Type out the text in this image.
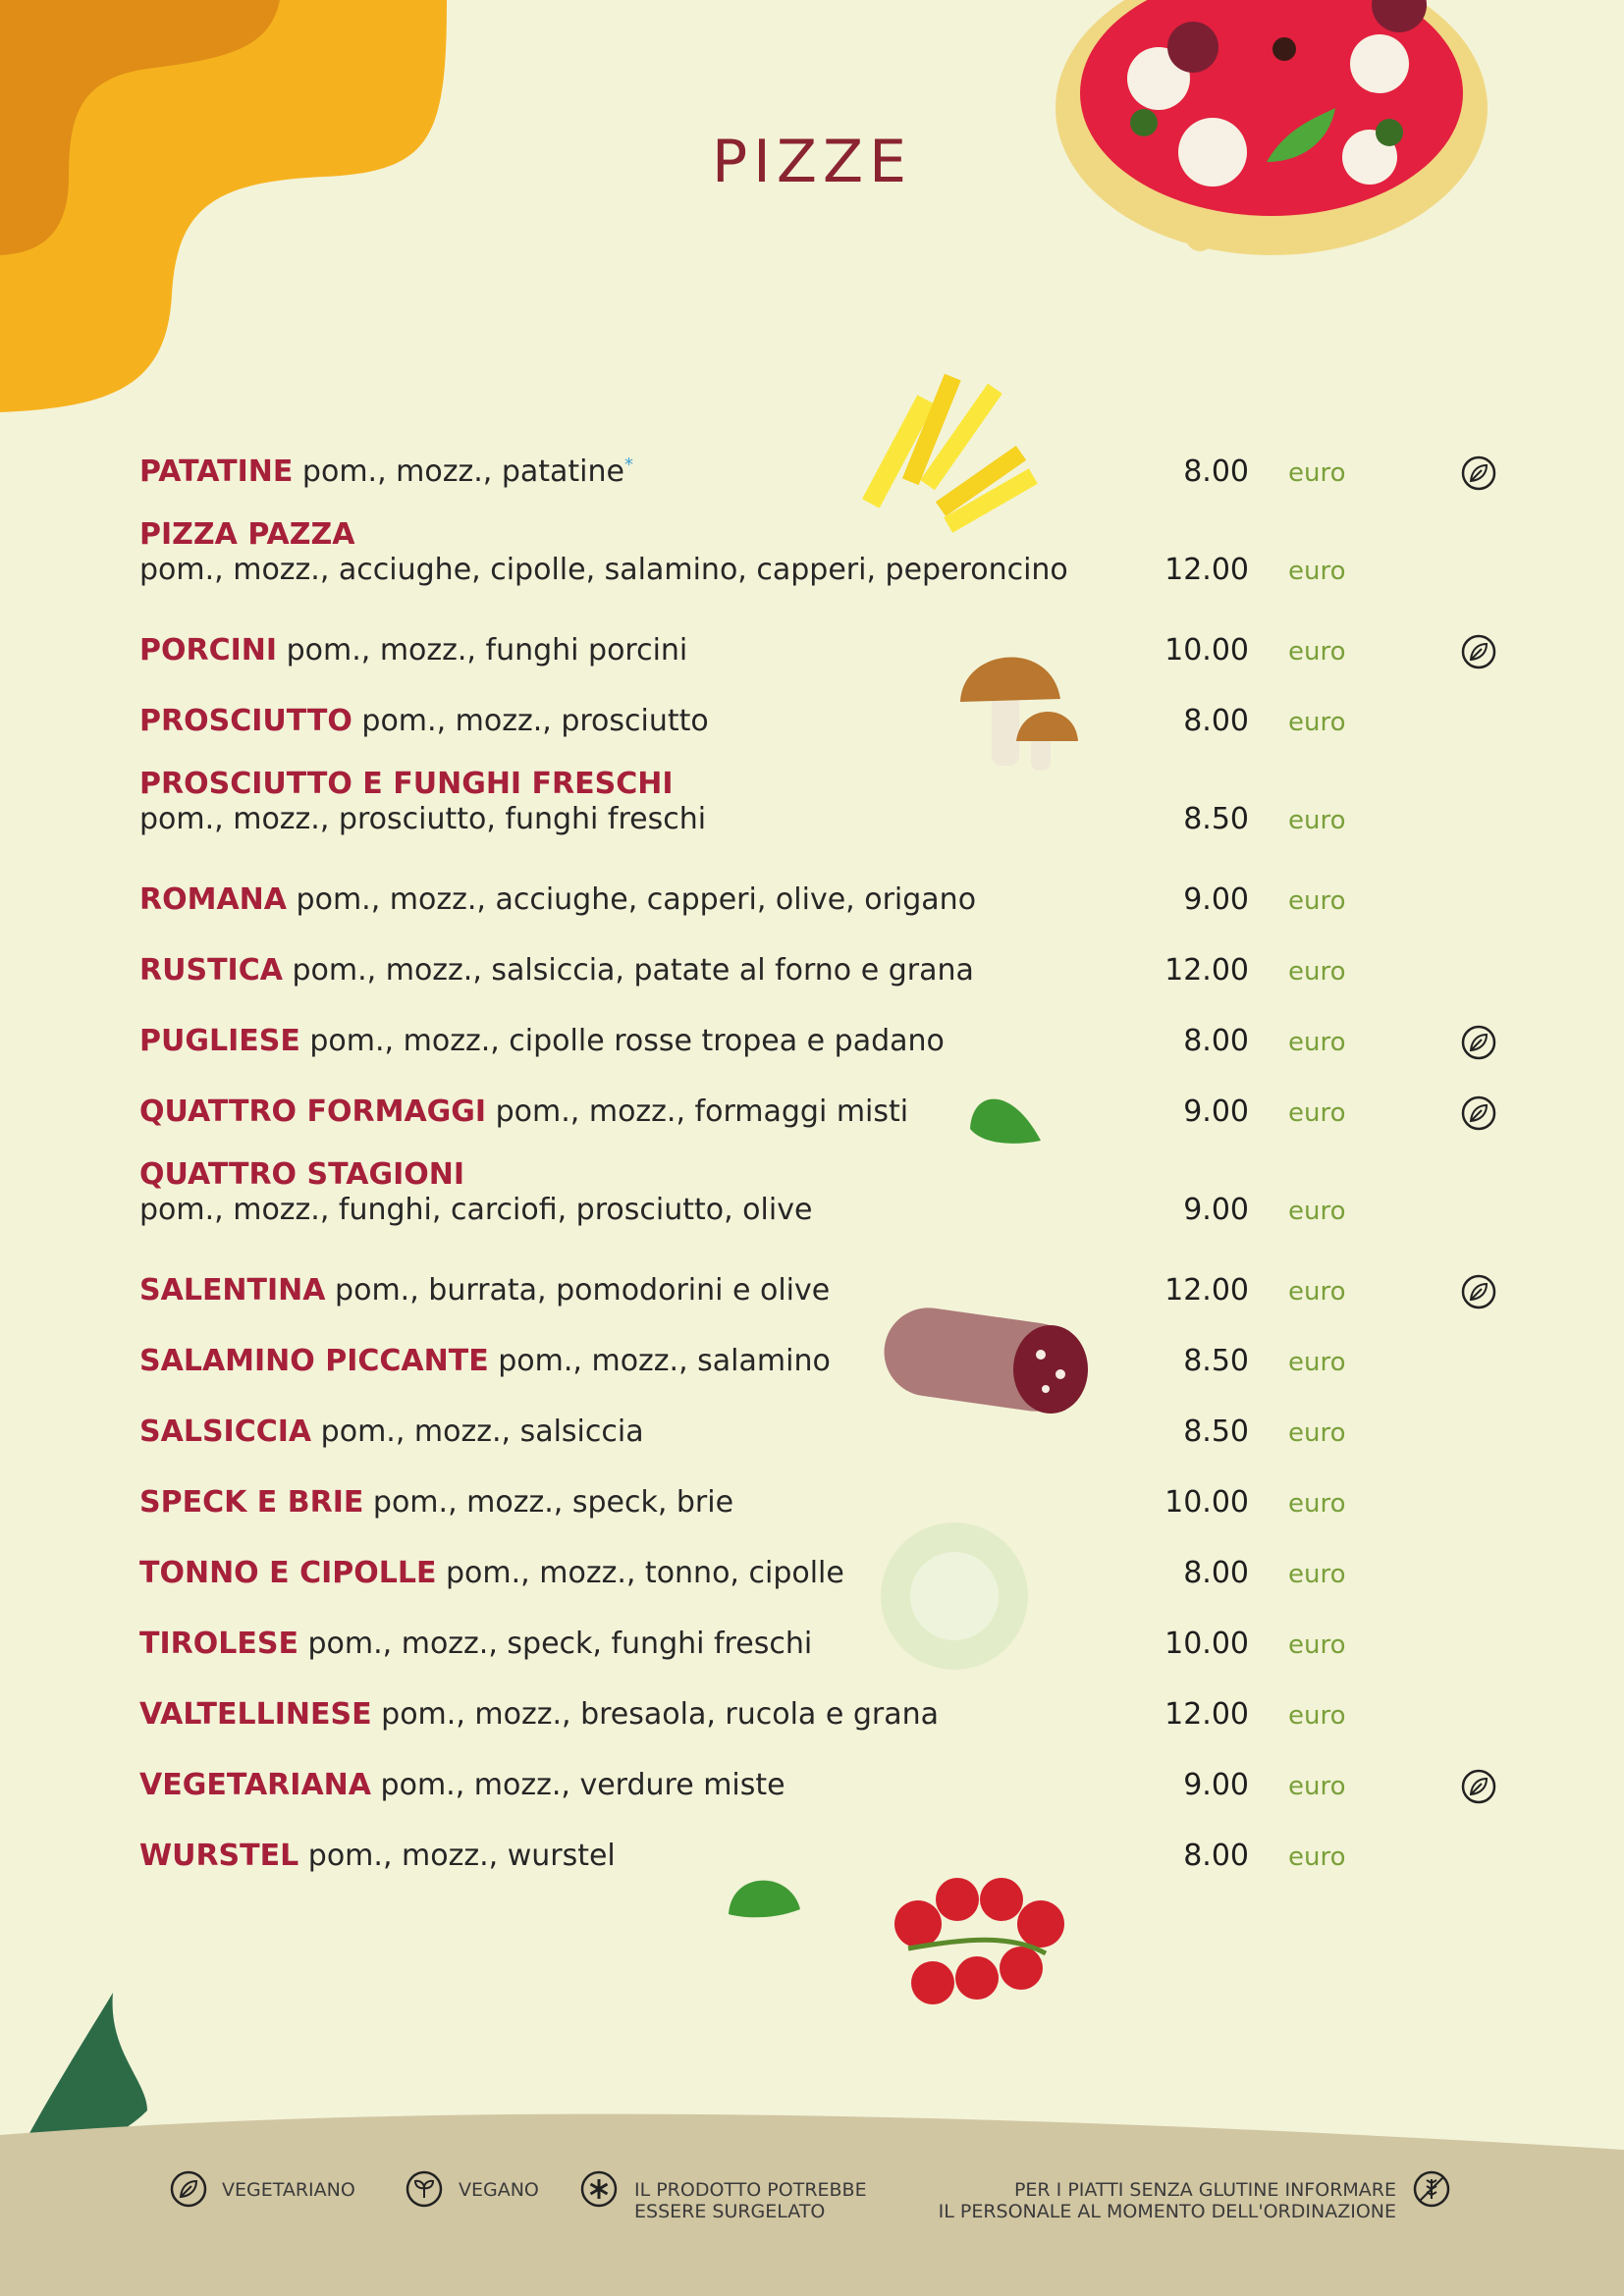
PIZZE
PATATINE pom., mozz., patatine*	8.00 euro
PIZZA PAZZA
pom., mozz., acciughe, cipolle, salamino, capperi, peperoncino	12.00 euro
PORCINI pom., mozz., funghi porcini	10.00 euro
PROSCIUTTO pom., mozz., prosciutto	8.00 euro
PROSCIUTTO E FUNGHI FRESCHI
pom., mozz., prosciutto, funghi freschi	8.50 euro
ROMANA pom., mozz., acciughe, capperi, olive, origano	9.00 euro
RUSTICA pom., mozz., salsiccia, patate al forno e grana	12.00 euro
PUGLIESE pom., mozz., cipolle rosse tropea e padano	8.00 euro
QUATTRO FORMAGGI pom., mozz., formaggi misti	9.00 euro
QUATTRO STAGIONI
pom., mozz., funghi, carciofi, prosciutto, olive	9.00 euro
SALENTINA pom., burrata, pomodorini e olive	12.00 euro
SALAMINO PICCANTE pom., mozz., salamino	8.50 euro
SALSICCIA pom., mozz., salsiccia	8.50 euro
SPECK E BRIE pom., mozz., speck, brie	10.00 euro
TONNO E CIPOLLE pom., mozz., tonno, cipolle	8.00 euro
TIROLESE pom., mozz., speck, funghi freschi	10.00 euro
VALTELLINESE pom., mozz., bresaola, rucola e grana	12.00 euro
VEGETARIANA pom., mozz., verdure miste	9.00 euro
WURSTEL pom., mozz., wurstel	8.00 euro
VEGETARIANO	VEGANO	IL PRODOTTO POTREBBE
ESSERE SURGELATO
PER I PIATTI SENZA GLUTINE INFORMARE
IL PERSONALE AL MOMENTO DELL'ORDINAZIONE
